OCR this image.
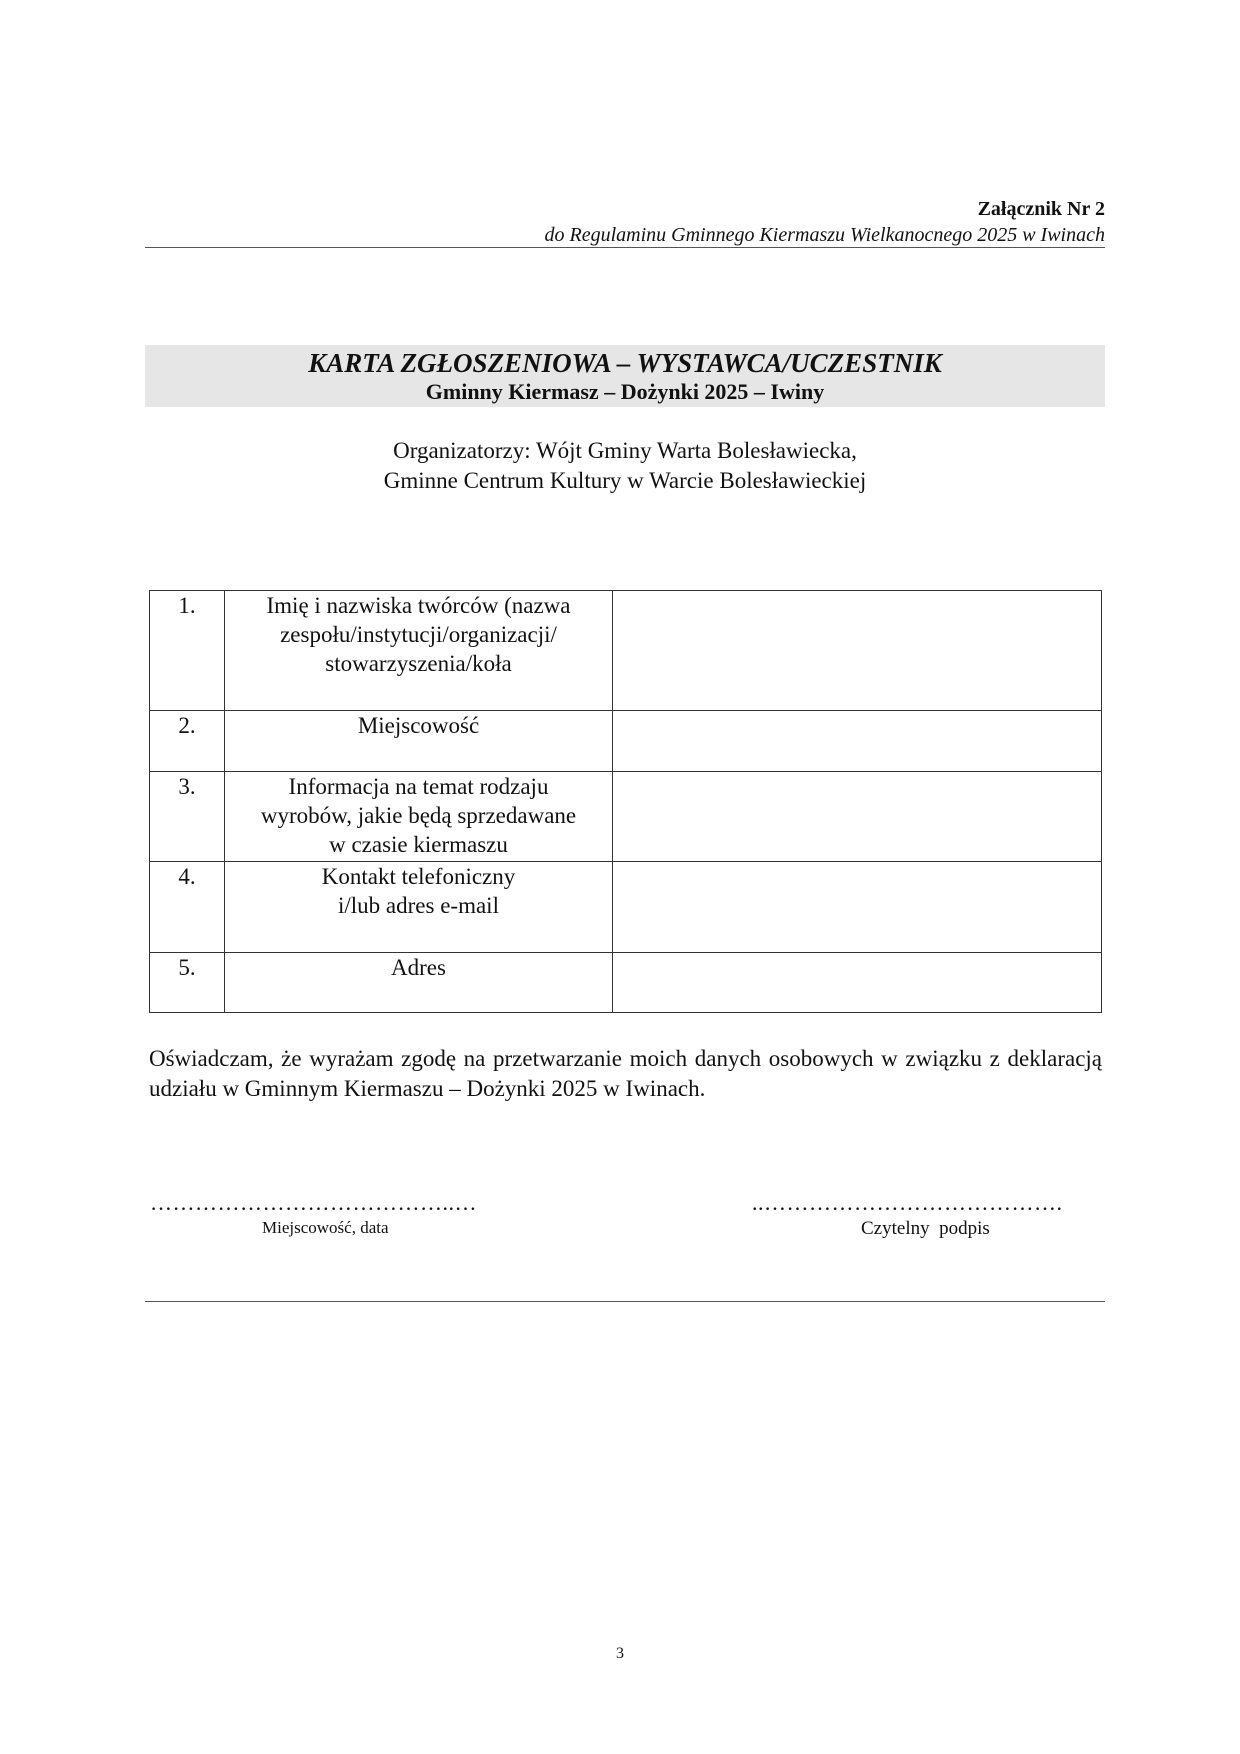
Załącznik Nr 2
do Regulaminu Gminnego Kiermaszu Wielkanocnego 2025 w Iwinach
KARTA ZGŁOSZENIOWA – WYSTAWCA/UCZESTNIK
Gminny Kiermasz – Dożynki 2025 – Iwiny
Organizatorzy: Wójt Gminy Warta Bolesławiecka,
Gminne Centrum Kultury w Warcie Bolesławieckiej
1.	Imię i nazwiska twórców (nazwa
zespołu/instytucji/organizacji/
stowarzyszenia/koła	

2.	Miejscowość	

3.	Informacja na temat rodzaju
wyrobów, jakie będą sprzedawane
w czasie kiermaszu	

4.	Kontakt telefoniczny
i/lub adres e-mail	

5.	Adres	

Oświadczam, że wyrażam zgodę na przetwarzanie moich danych osobowych w związku z deklaracją udziału w Gminnym Kiermaszu – Dożynki 2025 w Iwinach.
…………………………………..…	..………………………………….
Miejscowość, data	Czytelny  podpis
3
